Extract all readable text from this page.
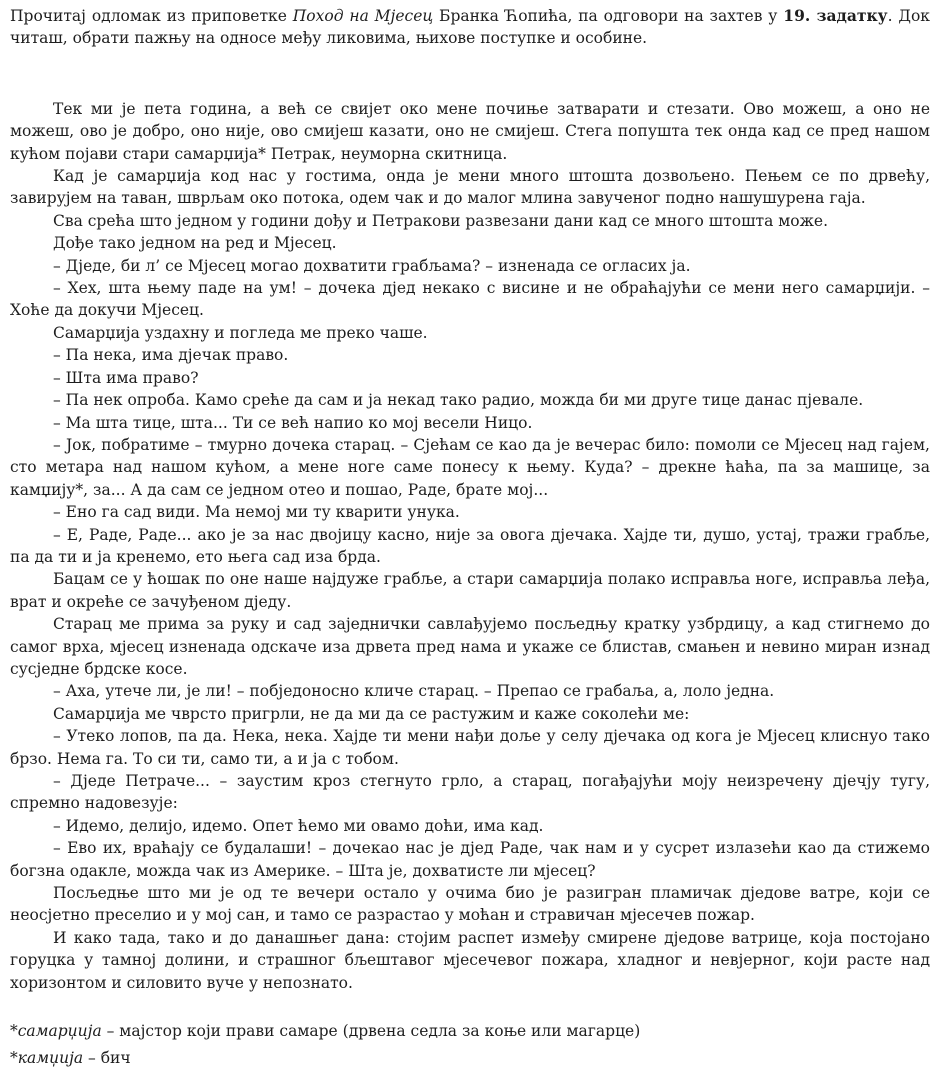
Прочитај одломак из приповетке Поход на Мјесец Бранка Ћопића, па одговори на захтев у 19. задатку. Док читаш, обрати пажњу на односе међу ликовима, њихове поступке и особине.

Тек ми је пета година, а већ се свијет око мене почиње затварати и стезати. Ово можеш, а оно не можеш, ово је добро, оно није, ово смијеш казати, оно не смијеш. Стега попушта тек онда кад се пред нашом кућом појави стари самарџија* Петрак, неуморна скитница.

Кад је самарџија код нас у гостима, онда је мени много штошта дозвољено. Пењем се по дрвећу, завирујем на таван, шврљам око потока, одем чак и до малог млина завученог подно нашушурена гаја.

Сва срећа што једном у години дођу и Петракови развезани дани кад се много штошта може.

Дође тако једном на ред и Мјесец.

– Дједе, би л’ се Мјесец могао дохватити грабљама? – изненада се огласих ја.

– Хех, шта њему паде на ум! – дочека дјед некако с висине и не обраћајући се мени него самарџији. – Хоће да докучи Мјесец.

Самарџија уздахну и погледа ме преко чаше.

– Па нека, има дјечак право.

– Шта има право?

– Па нек опроба. Камо среће да сам и ја некад тако радио, можда би ми друге тице данас пјевале.

– Ма шта тице, шта... Ти се већ напио ко мој весели Ницо.

– Јок, побратиме – тмурно дочека старац. – Сјећам се као да је вечерас било: помоли се Мјесец над гајем, сто метара над нашом кућом, а мене ноге саме понесу к њему. Куда? – дрекне ћаћа, па за машице, за камџију*, за... А да сам се једном отео и пошао, Раде, брате мој...

– Ено га сад види. Ма немој ми ту кварити унука.

– Е, Раде, Раде... ако је за нас двојицу касно, није за овога дјечака. Хајде ти, душо, устај, тражи грабље, па да ти и ја кренемо, ето њега сад иза брда.

Бацам се у ћошак по оне наше најдуже грабље, а стари самарџија полако исправља ноге, исправља леђа, врат и окреће се зачуђеном дједу.

Старац ме прима за руку и сад заједнички савлађујемо посљедњу кратку узбрдицу, а кад стигнемо до самог врха, мјесец изненада одскаче иза дрвета пред нама и укаже се блистав, смањен и невино миран изнад сусједне брдске косе.

– Аха, утече ли, је ли! – побједоносно кличе старац. – Препао се грабаља, а, лоло једна.

Самарџија ме чврсто пригрли, не да ми да се растужим и каже соколећи ме:

– Утеко лопов, па да. Нека, нека. Хајде ти мени нађи доље у селу дјечака од кога је Мјесец клиснуо тако брзо. Нема га. То си ти, само ти, а и ја с тобом.

– Дједе Петраче... – заустим кроз стегнуто грло, а старац, погађајући моју неизречену дјечју тугу, спремно надовезује:

– Идемо, делијо, идемо. Опет ћемо ми овамо доћи, има кад.

– Ево их, враћају се будалаши! – дочекао нас је дјед Раде, чак нам и у сусрет излазећи као да стижемо богзна одакле, можда чак из Америке. – Шта је, дохватисте ли мјесец?

Посљедње што ми је од те вечери остало у очима био је разигран пламичак дједове ватре, који се неосјетно преселио и у мој сан, и тамо се разрастао у моћан и стравичан мјесечев пожар.

И како тада, тако и до данашњег дана: стојим распет између смирене дједове ватрице, која постојано горуцка у тамној долини, и страшног бљештавог мјесечевог пожара, хладног и невјерног, који расте над хоризонтом и силовито вуче у непознато.

*самарџија – мајстор који прави самаре (дрвена седла за коње или магарце)

*камџија – бич
